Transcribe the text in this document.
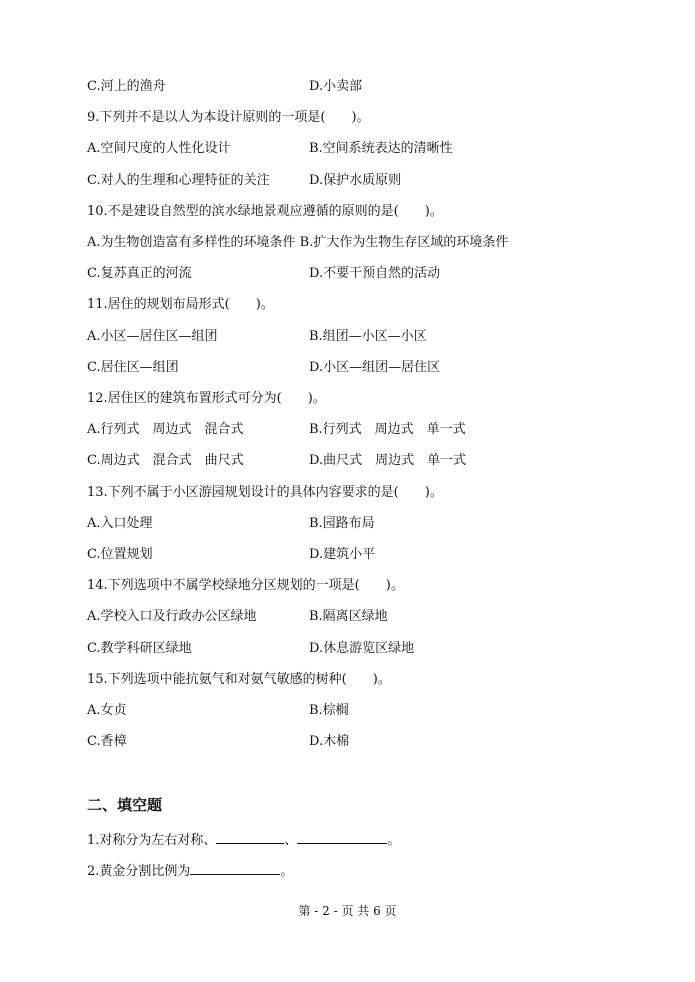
C.河上的渔舟	D.小卖部
9.下列并不是以人为本设计原则的一项是(　　)。
A.空间尺度的人性化设计	B.空间系统表达的清晰性
C.对人的生理和心理特征的关注	D.保护水质原则
10.不是建设自然型的滨水绿地景观应遵循的原则的是(　　)。
A.为生物创造富有多样性的环境条件 B.扩大作为生物生存区域的环境条件
C.复苏真正的河流	D.不要干预自然的活动
11.居住的规划布局形式(　　)。
A.小区—居住区—组团	B.组团—小区—小区
C.居住区—组团	D.小区—组团—居住区
12.居住区的建筑布置形式可分为(　　)。
A.行列式　周边式　混合式	B.行列式　周边式　单一式
C.周边式　混合式　曲尺式	D.曲尺式　周边式　单一式
13.下列不属于小区游园规划设计的具体内容要求的是(　　)。
A.入口处理	B.园路布局
C.位置规划	D.建筑小平
14.下列选项中不属学校绿地分区规划的一项是(　　)。
A.学校入口及行政办公区绿地	B.隔离区绿地
C.教学科研区绿地	D.休息游览区绿地
15.下列选项中能抗氨气和对氨气敏感的树种(　　)。
A.女贞	B.棕榈
C.香樟	D.木棉
二、填空题
1.对称分为左右对称、	、	。
2.黄金分割比例为	。
第 - 2 - 页 共 6 页
